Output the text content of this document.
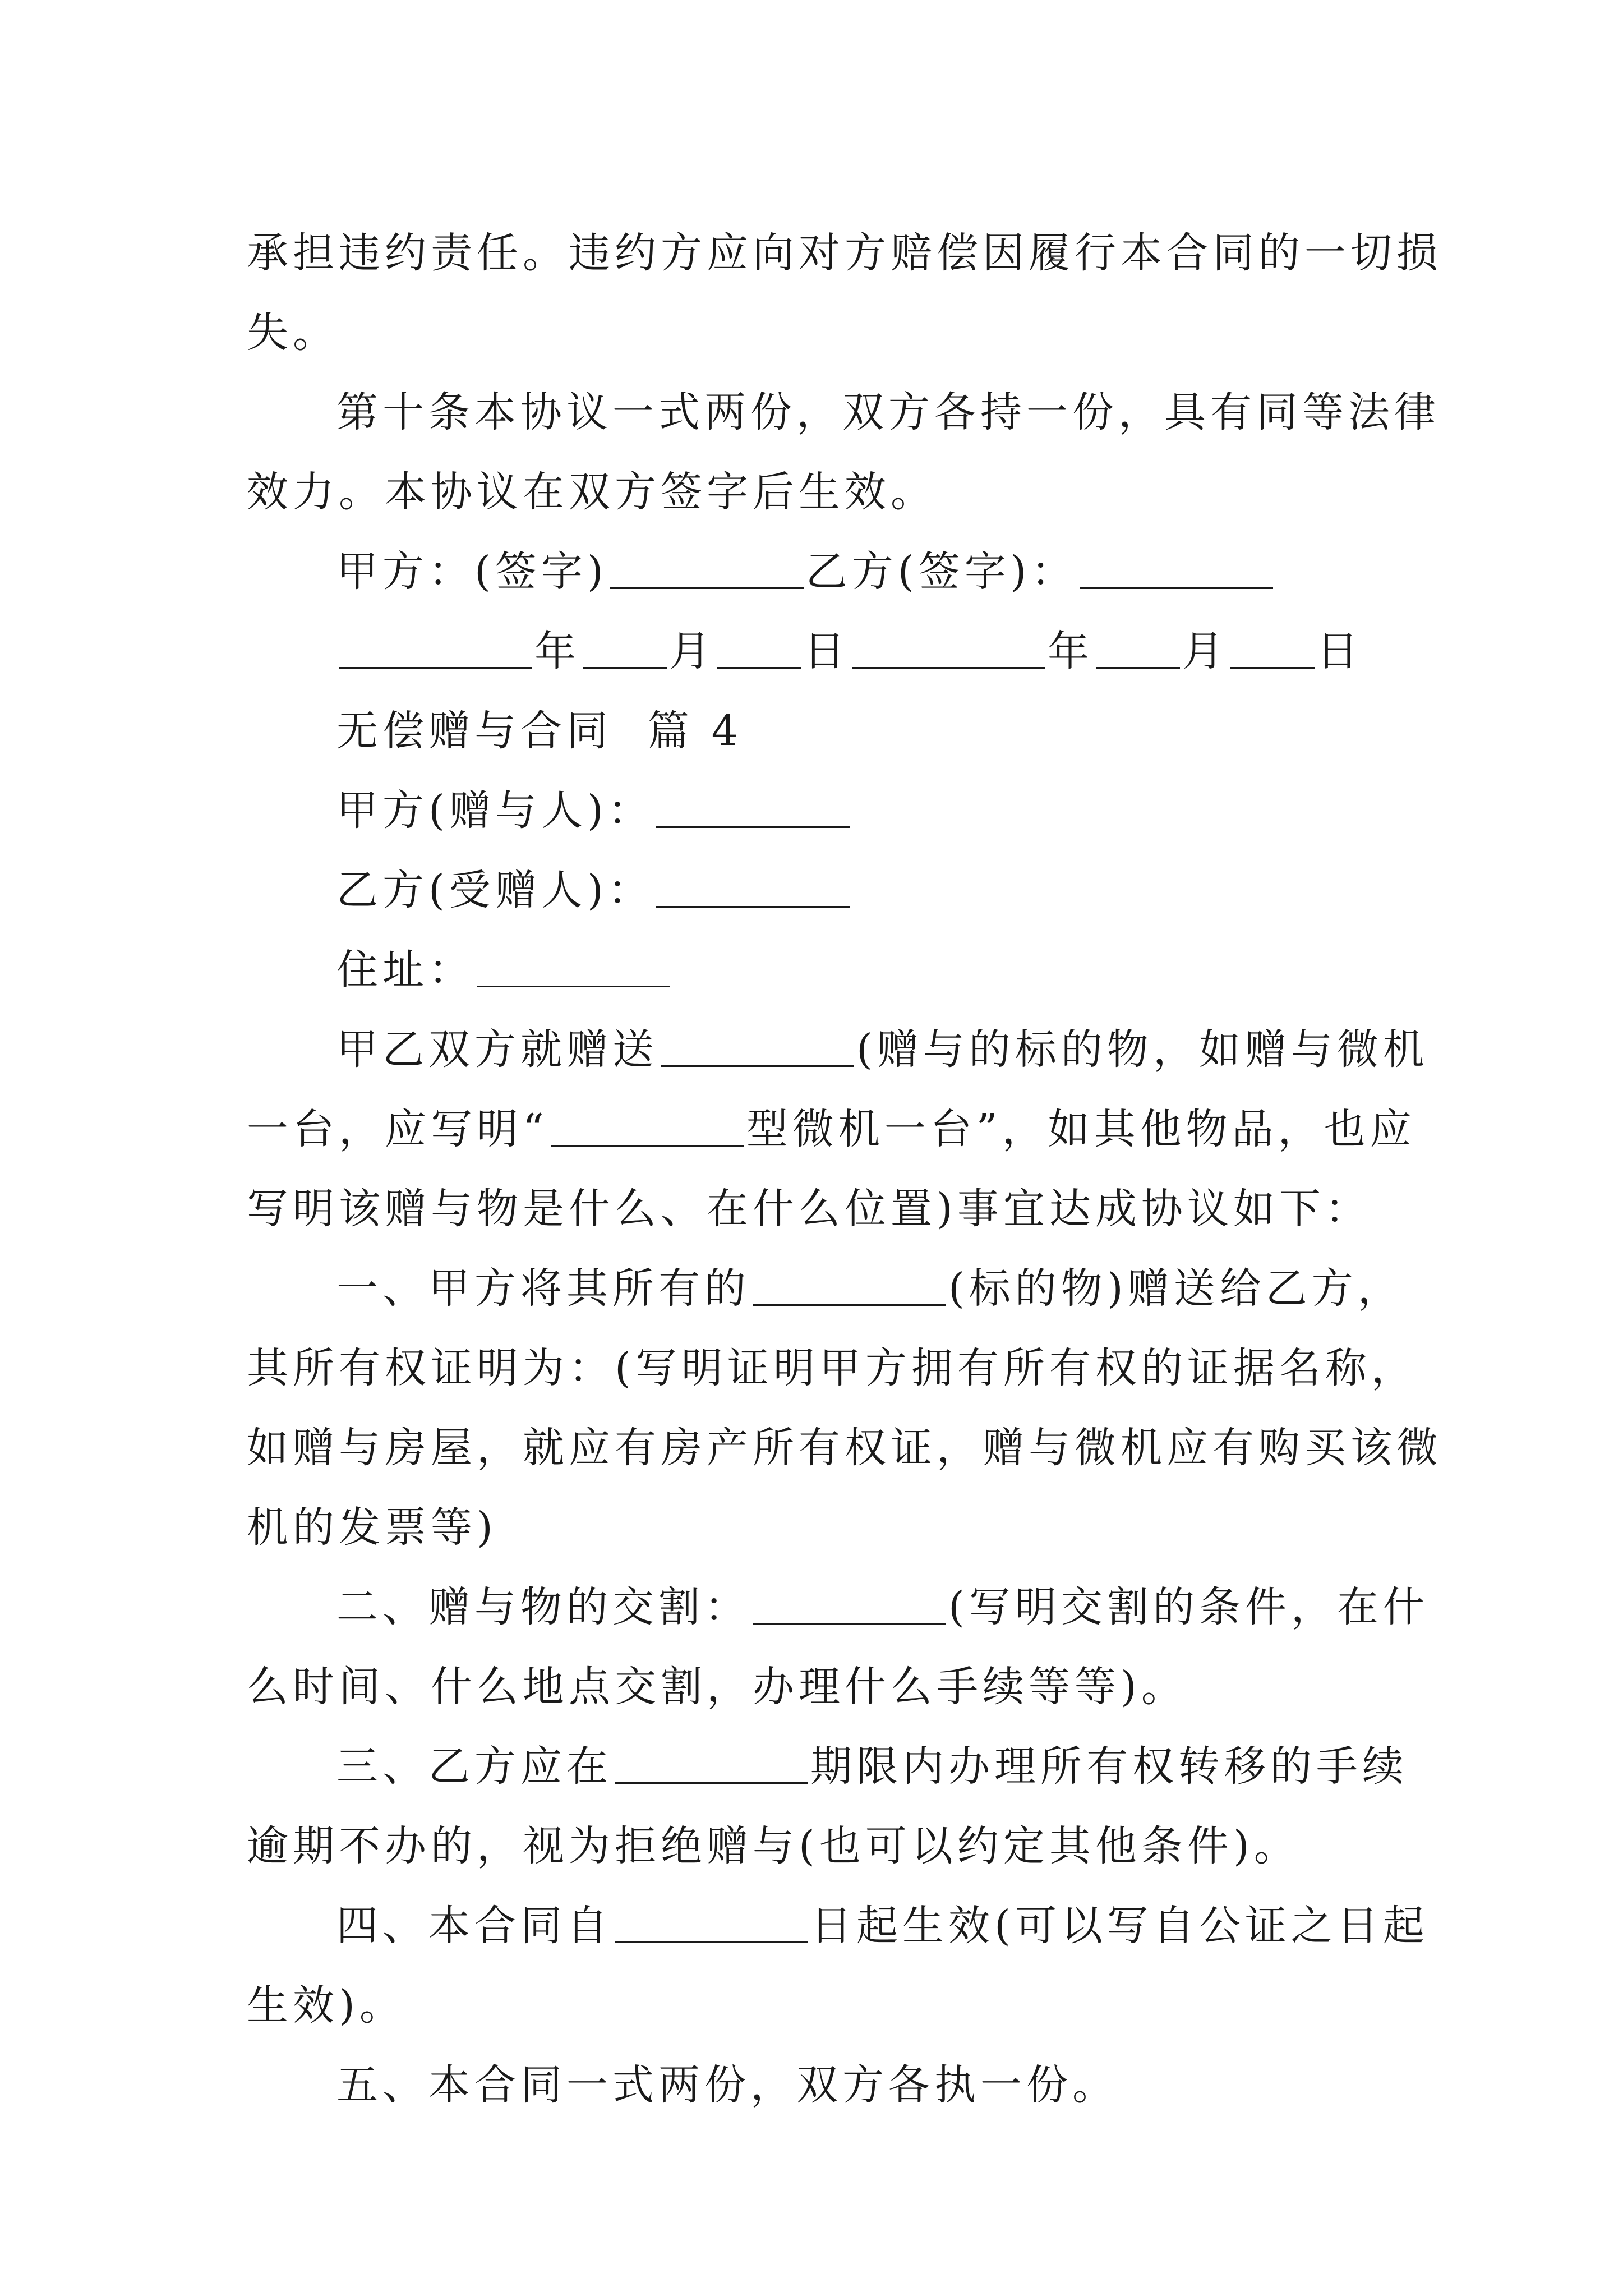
承担违约责任。违约方应向对方赔偿因履行本合同的一切损
失。
第十条本协议一式两份，双方各持一份，具有同等法律
效力。本协议在双方签字后生效。
甲方：(签字)	乙方(签字)：
年 月 日	年 月 日
无偿赠与合同  篇 4
甲方(赠与人)：
乙方(受赠人)：
住址：
甲乙双方就赠送	(赠与的标的物，如赠与微机
一台，应写明“	型微机一台”，如其他物品，也应
写明该赠与物是什么、在什么位置)事宜达成协议如下：
一、甲方将其所有的	(标的物)赠送给乙方，
其所有权证明为：(写明证明甲方拥有所有权的证据名称，
如赠与房屋，就应有房产所有权证，赠与微机应有购买该微
机的发票等)
二、赠与物的交割：	(写明交割的条件，在什
么时间、什么地点交割，办理什么手续等等)。
三、乙方应在	期限内办理所有权转移的手续
逾期不办的，视为拒绝赠与(也可以约定其他条件)。
四、本合同自	日起生效(可以写自公证之日起
生效)。
五、本合同一式两份，双方各执一份。
